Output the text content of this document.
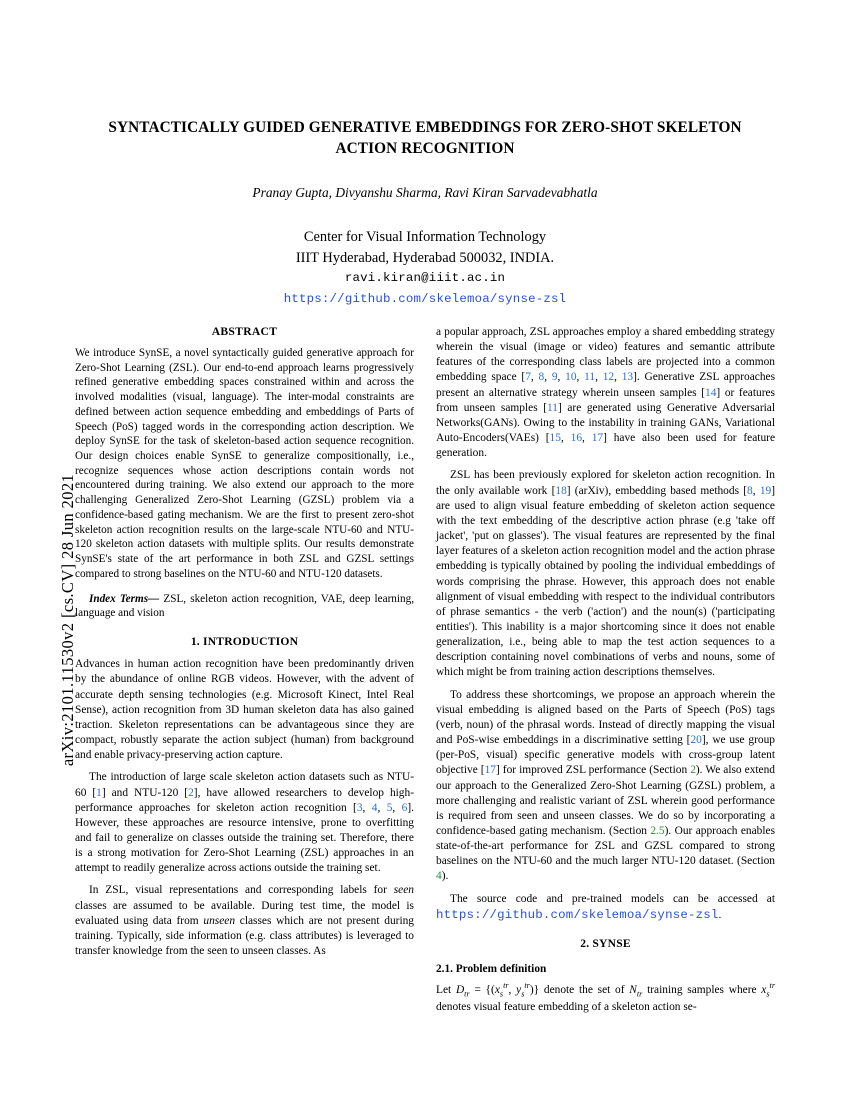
arXiv:2101.11530v2 [cs.CV] 28 Jun 2021
SYNTACTICALLY GUIDED GENERATIVE EMBEDDINGS FOR ZERO-SHOT SKELETON ACTION RECOGNITION
Pranay Gupta, Divyanshu Sharma, Ravi Kiran Sarvadevabhatla
Center for Visual Information Technology
IIIT Hyderabad, Hyderabad 500032, INDIA.
ravi.kiran@iiit.ac.in
https://github.com/skelemoa/synse-zsl
ABSTRACT

We introduce SynSE, a novel syntactically guided generative approach for Zero-Shot Learning (ZSL). Our end-to-end approach learns progressively refined generative embedding spaces constrained within and across the involved modalities (visual, language). The inter-modal constraints are defined between action sequence embedding and embeddings of Parts of Speech (PoS) tagged words in the corresponding action description. We deploy SynSE for the task of skeleton-based action sequence recognition. Our design choices enable SynSE to generalize compositionally, i.e., recognize sequences whose action descriptions contain words not encountered during training. We also extend our approach to the more challenging Generalized Zero-Shot Learning (GZSL) problem via a confidence-based gating mechanism. We are the first to present zero-shot skeleton action recognition results on the large-scale NTU-60 and NTU-120 skeleton action datasets with multiple splits. Our results demonstrate SynSE's state of the art performance in both ZSL and GZSL settings compared to strong baselines on the NTU-60 and NTU-120 datasets.

Index Terms— ZSL, skeleton action recognition, VAE, deep learning, language and vision

1. INTRODUCTION

Advances in human action recognition have been predominantly driven by the abundance of online RGB videos. However, with the advent of accurate depth sensing technologies (e.g. Microsoft Kinect, Intel Real Sense), action recognition from 3D human skeleton data has also gained traction. Skeleton representations can be advantageous since they are compact, robustly separate the action subject (human) from background and enable privacy-preserving action capture.

The introduction of large scale skeleton action datasets such as NTU-60 [1] and NTU-120 [2], have allowed researchers to develop high-performance approaches for skeleton action recognition [3, 4, 5, 6]. However, these approaches are resource intensive, prone to overfitting and fail to generalize on classes outside the training set. Therefore, there is a strong motivation for Zero-Shot Learning (ZSL) approaches in an attempt to readily generalize across actions outside the training set.

In ZSL, visual representations and corresponding labels for seen classes are assumed to be available. During test time, the model is evaluated using data from unseen classes which are not present during training. Typically, side information (e.g. class attributes) is leveraged to transfer knowledge from the seen to unseen classes. As

a popular approach, ZSL approaches employ a shared embedding strategy wherein the visual (image or video) features and semantic attribute features of the corresponding class labels are projected into a common embedding space [7, 8, 9, 10, 11, 12, 13]. Generative ZSL approaches present an alternative strategy wherein unseen samples [14] or features from unseen samples [11] are generated using Generative Adversarial Networks(GANs). Owing to the instability in training GANs, Variational Auto-Encoders(VAEs) [15, 16, 17] have also been used for feature generation.

ZSL has been previously explored for skeleton action recognition. In the only available work [18] (arXiv), embedding based methods [8, 19] are used to align visual feature embedding of skeleton action sequence with the text embedding of the descriptive action phrase (e.g 'take off jacket', 'put on glasses'). The visual features are represented by the final layer features of a skeleton action recognition model and the action phrase embedding is typically obtained by pooling the individual embeddings of words comprising the phrase. However, this approach does not enable alignment of visual embedding with respect to the individual contributors of phrase semantics - the verb ('action') and the noun(s) ('participating entities'). This inability is a major shortcoming since it does not enable generalization, i.e., being able to map the test action sequences to a description containing novel combinations of verbs and nouns, some of which might be from training action descriptions themselves.

To address these shortcomings, we propose an approach wherein the visual embedding is aligned based on the Parts of Speech (PoS) tags (verb, noun) of the phrasal words. Instead of directly mapping the visual and PoS-wise embeddings in a discriminative setting [20], we use group (per-PoS, visual) specific generative models with cross-group latent objective [17] for improved ZSL performance (Section 2). We also extend our approach to the Generalized Zero-Shot Learning (GZSL) problem, a more challenging and realistic variant of ZSL wherein good performance is required from seen and unseen classes. We do so by incorporating a confidence-based gating mechanism. (Section 2.5). Our approach enables state-of-the-art performance for ZSL and GZSL compared to strong baselines on the NTU-60 and the much larger NTU-120 dataset. (Section 4).

The source code and pre-trained models can be accessed at https://github.com/skelemoa/synse-zsl.

2. SYNSE
2.1. Problem definition

Let $D_{tr} = \{(x_s^{tr}$, $y_s^{tr}$)} denote the set of $N_{tr}$ training samples where $x_s^{tr}$ denotes visual feature embedding of a skeleton action se-
